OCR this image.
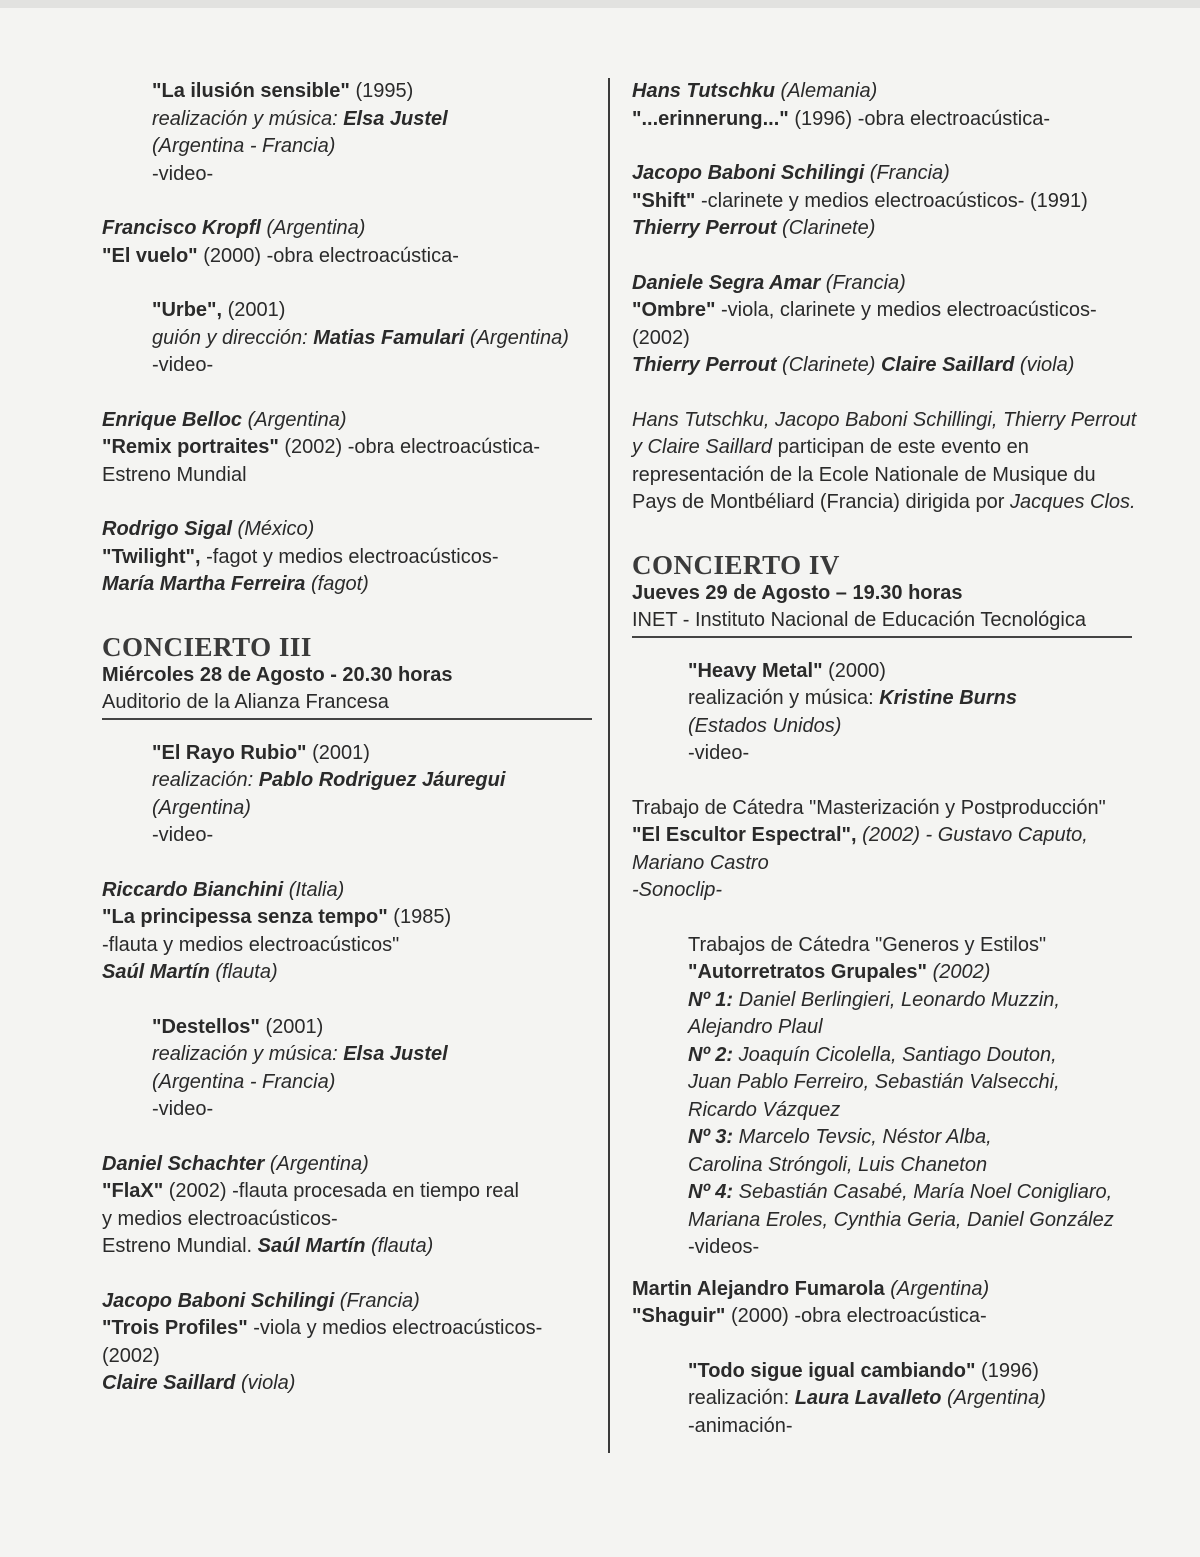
"La ilusión sensible" (1995)
realización y música: Elsa Justel
(Argentina - Francia)
-video-
Francisco Kropfl (Argentina)
"El vuelo" (2000) -obra electroacústica-
"Urbe", (2001)
guión y dirección: Matias Famulari (Argentina)
-video-
Enrique Belloc (Argentina)
"Remix portraites" (2002) -obra electroacústica-
Estreno Mundial
Rodrigo Sigal (México)
"Twilight", -fagot y medios electroacústicos-
María Martha Ferreira (fagot)
CONCIERTO III
Miércoles 28 de Agosto - 20.30 horas
Auditorio de la Alianza Francesa
"El Rayo Rubio" (2001)
realización: Pablo Rodriguez Jáuregui
(Argentina)
-video-
Riccardo Bianchini (Italia)
"La principessa senza tempo" (1985)
-flauta y medios electroacústicos"
Saúl Martín (flauta)
"Destellos" (2001)
realización y música: Elsa Justel
(Argentina - Francia)
-video-
Daniel Schachter (Argentina)
"FlaX" (2002) -flauta procesada en tiempo real
y medios electroacústicos-
Estreno Mundial. Saúl Martín (flauta)
Jacopo Baboni Schilingi (Francia)
"Trois Profiles" -viola y medios electroacústicos-
(2002)
Claire Saillard (viola)
Hans Tutschku (Alemania)
"...erinnerung..." (1996) -obra electroacústica-
Jacopo Baboni Schilingi (Francia)
"Shift" -clarinete y medios electroacústicos- (1991)
Thierry Perrout (Clarinete)
Daniele Segra Amar (Francia)
"Ombre" -viola, clarinete y medios electroacústicos-
(2002)
Thierry Perrout (Clarinete) Claire Saillard (viola)
Hans Tutschku, Jacopo Baboni Schillingi, Thierry Perrout
y Claire Saillard participan de este evento en
representación de la Ecole Nationale de Musique du
Pays de Montbéliard (Francia) dirigida por Jacques Clos.
CONCIERTO IV
Jueves 29 de Agosto – 19.30 horas
INET - Instituto Nacional de Educación Tecnológica
"Heavy Metal" (2000)
realización y música: Kristine Burns
(Estados Unidos)
-video-
Trabajo de Cátedra "Masterización y Postproducción"
"El Escultor Espectral", (2002) - Gustavo Caputo,
Mariano Castro
-Sonoclip-
Trabajos de Cátedra "Generos y Estilos"
"Autorretratos Grupales" (2002)
Nº 1: Daniel Berlingieri, Leonardo Muzzin,
Alejandro Plaul
Nº 2: Joaquín Cicolella, Santiago Douton,
Juan Pablo Ferreiro, Sebastián Valsecchi,
Ricardo Vázquez
Nº 3: Marcelo Tevsic, Néstor Alba,
Carolina Stróngoli, Luis Chaneton
Nº 4: Sebastián Casabé, María Noel Conigliaro,
Mariana Eroles, Cynthia Geria, Daniel González
-videos-
Martin Alejandro Fumarola (Argentina)
"Shaguir" (2000) -obra electroacústica-
"Todo sigue igual cambiando" (1996)
realización: Laura Lavalleto (Argentina)
-animación-
